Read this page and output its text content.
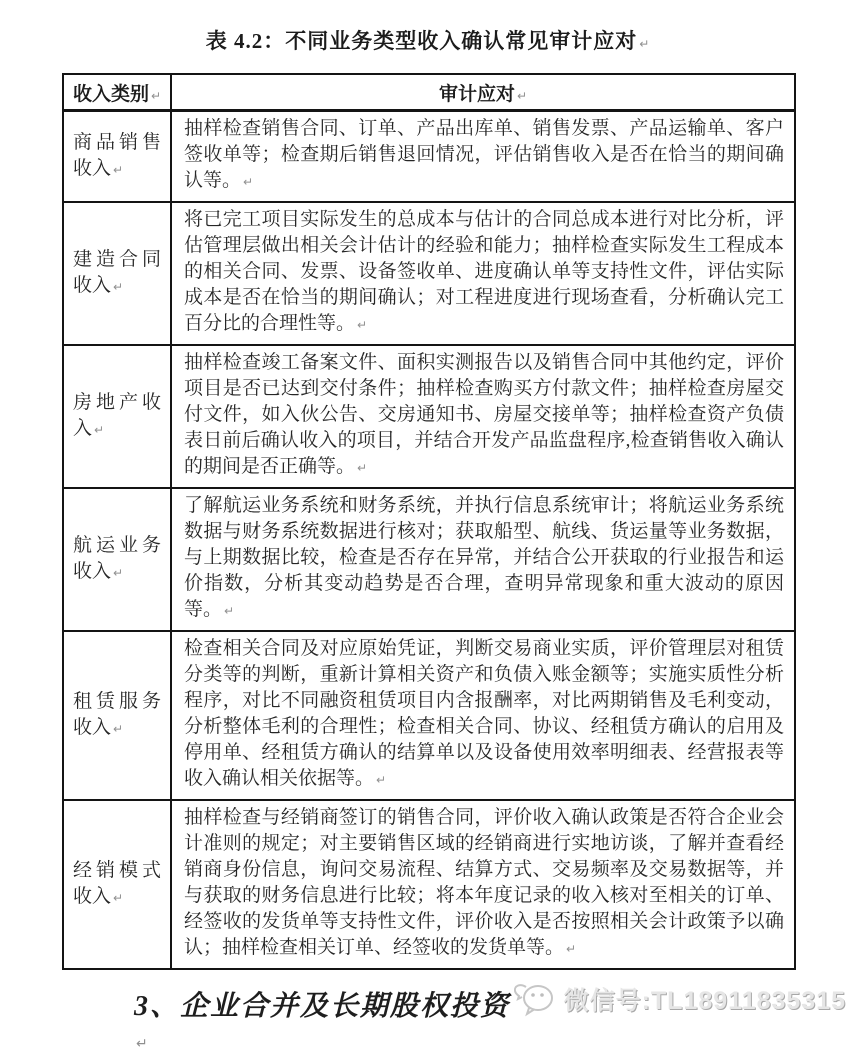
表 4.2：不同业务类型收入确认常见审计应对 ↵
收入类别 ↵	审计应对 ↵

商品销售
收入 ↵	抽样检查销售合同、订单、产品出库单、销售发票、产品运输单、客户签收单等；检查期后销售退回情况，评估销售收入是否在恰当的期间确认等。 ↵

建造合同
收入 ↵	将已完工项目实际发生的总成本与估计的合同总成本进行对比分析，评估管理层做出相关会计估计的经验和能力；抽样检查实际发生工程成本的相关合同、发票、设备签收单、进度确认单等支持性文件，评估实际成本是否在恰当的期间确认；对工程进度进行现场查看，分析确认完工百分比的合理性等。 ↵

房地产收
入 ↵	抽样检查竣工备案文件、面积实测报告以及销售合同中其他约定，评价项目是否已达到交付条件；抽样检查购买方付款文件；抽样检查房屋交付文件，如入伙公告、交房通知书、房屋交接单等；抽样检查资产负债表日前后确认收入的项目，并结合开发产品监盘程序,检查销售收入确认的期间是否正确等。 ↵

航运业务
收入 ↵	了解航运业务系统和财务系统，并执行信息系统审计；将航运业务系统数据与财务系统数据进行核对；获取船型、航线、货运量等业务数据，与上期数据比较，检查是否存在异常，并结合公开获取的行业报告和运价指数，分析其变动趋势是否合理，查明异常现象和重大波动的原因等。 ↵

租赁服务
收入 ↵	检查相关合同及对应原始凭证，判断交易商业实质，评价管理层对租赁分类等的判断，重新计算相关资产和负债入账金额等；实施实质性分析程序，对比不同融资租赁项目内含报酬率，对比两期销售及毛利变动，分析整体毛利的合理性；检查相关合同、协议、经租赁方确认的启用及停用单、经租赁方确认的结算单以及设备使用效率明细表、经营报表等收入确认相关依据等。 ↵

经销模式
收入 ↵	抽样检查与经销商签订的销售合同，评价收入确认政策是否符合企业会计准则的规定；对主要销售区域的经销商进行实地访谈，了解并查看经销商身份信息，询问交易流程、结算方式、交易频率及交易数据等，并与获取的财务信息进行比较；将本年度记录的收入核对至相关的订单、经签收的发货单等支持性文件，评价收入是否按照相关会计政策予以确认；抽样检查相关订单、经签收的发货单等。 ↵
3、企业合并及长期股权投资↵
微信号:TL18911835315
